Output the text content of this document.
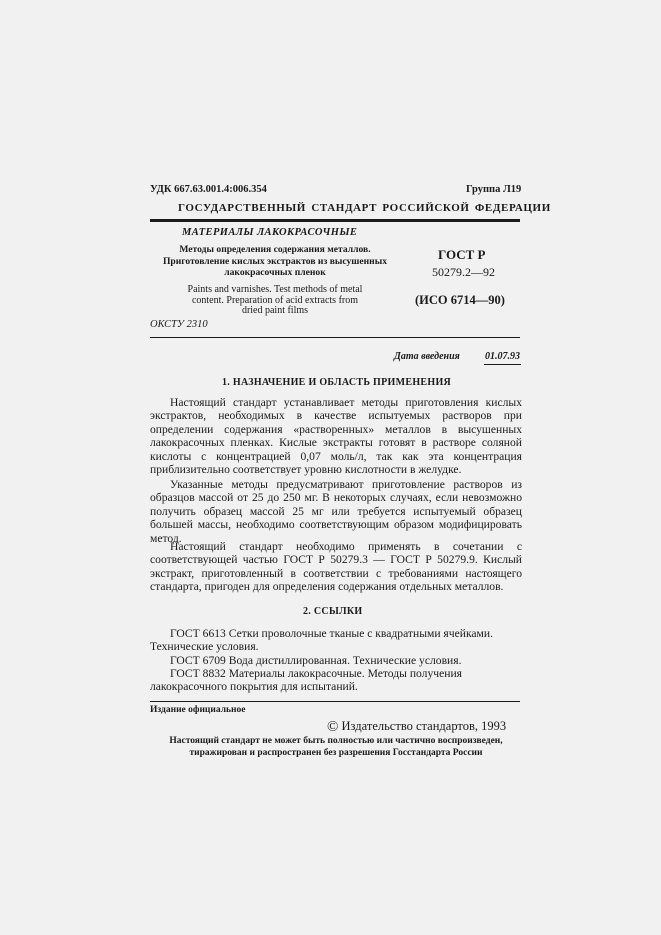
УДК 667.63.001.4:006.354	Группа Л19
ГОСУДАРСТВЕННЫЙ СТАНДАРТ РОССИЙСКОЙ ФЕДЕРАЦИИ
МАТЕРИАЛЫ ЛАКОКРАСОЧНЫЕ
Методы определения содержания металлов.
Приготовление кислых экстрактов из высушенных
лакокрасочных пленок
Paints and varnishes. Test methods of metal
content. Preparation of acid extracts from
dried paint films
ГОСТ Р
50279.2—92
(ИСО 6714—90)
ОКСТУ 2310
Дата введения	01.07.93
1. НАЗНАЧЕНИЕ И ОБЛАСТЬ ПРИМЕНЕНИЯ
Настоящий стандарт устанавливает методы приготовления кислых экстрактов, необходимых в качестве испытуемых растворов при определении содержания «растворенных» металлов в высушенных лакокрасочных пленках. Кислые экстракты готовят в растворе соляной кислоты с концентрацией 0,07 моль/л, так как эта концентрация приблизительно соответствует уровню кислотности в желудке.
Указанные методы предусматривают приготовление растворов из образцов массой от 25 до 250 мг. В некоторых случаях, если невозможно получить образец массой 25 мг или требуется испытуемый образец большей массы, необходимо соответствующим образом модифицировать метод.
Настоящий стандарт необходимо применять в сочетании с соответствующей частью ГОСТ Р 50279.3 — ГОСТ Р 50279.9. Кислый экстракт, приготовленный в соответствии с требованиями настоящего стандарта, пригоден для определения содержания отдельных металлов.
2. ССЫЛКИ
ГОСТ 6613 Сетки проволочные тканые с квадратными ячейками. Технические условия.
ГОСТ 6709 Вода дистиллированная. Технические условия.
ГОСТ 8832 Материалы лакокрасочные. Методы получения лакокрасочного покрытия для испытаний.
Издание официальное
© Издательство стандартов, 1993
Настоящий стандарт не может быть полностью или частично воспроизведен,
тиражирован и распространен без разрешения Госстандарта России
